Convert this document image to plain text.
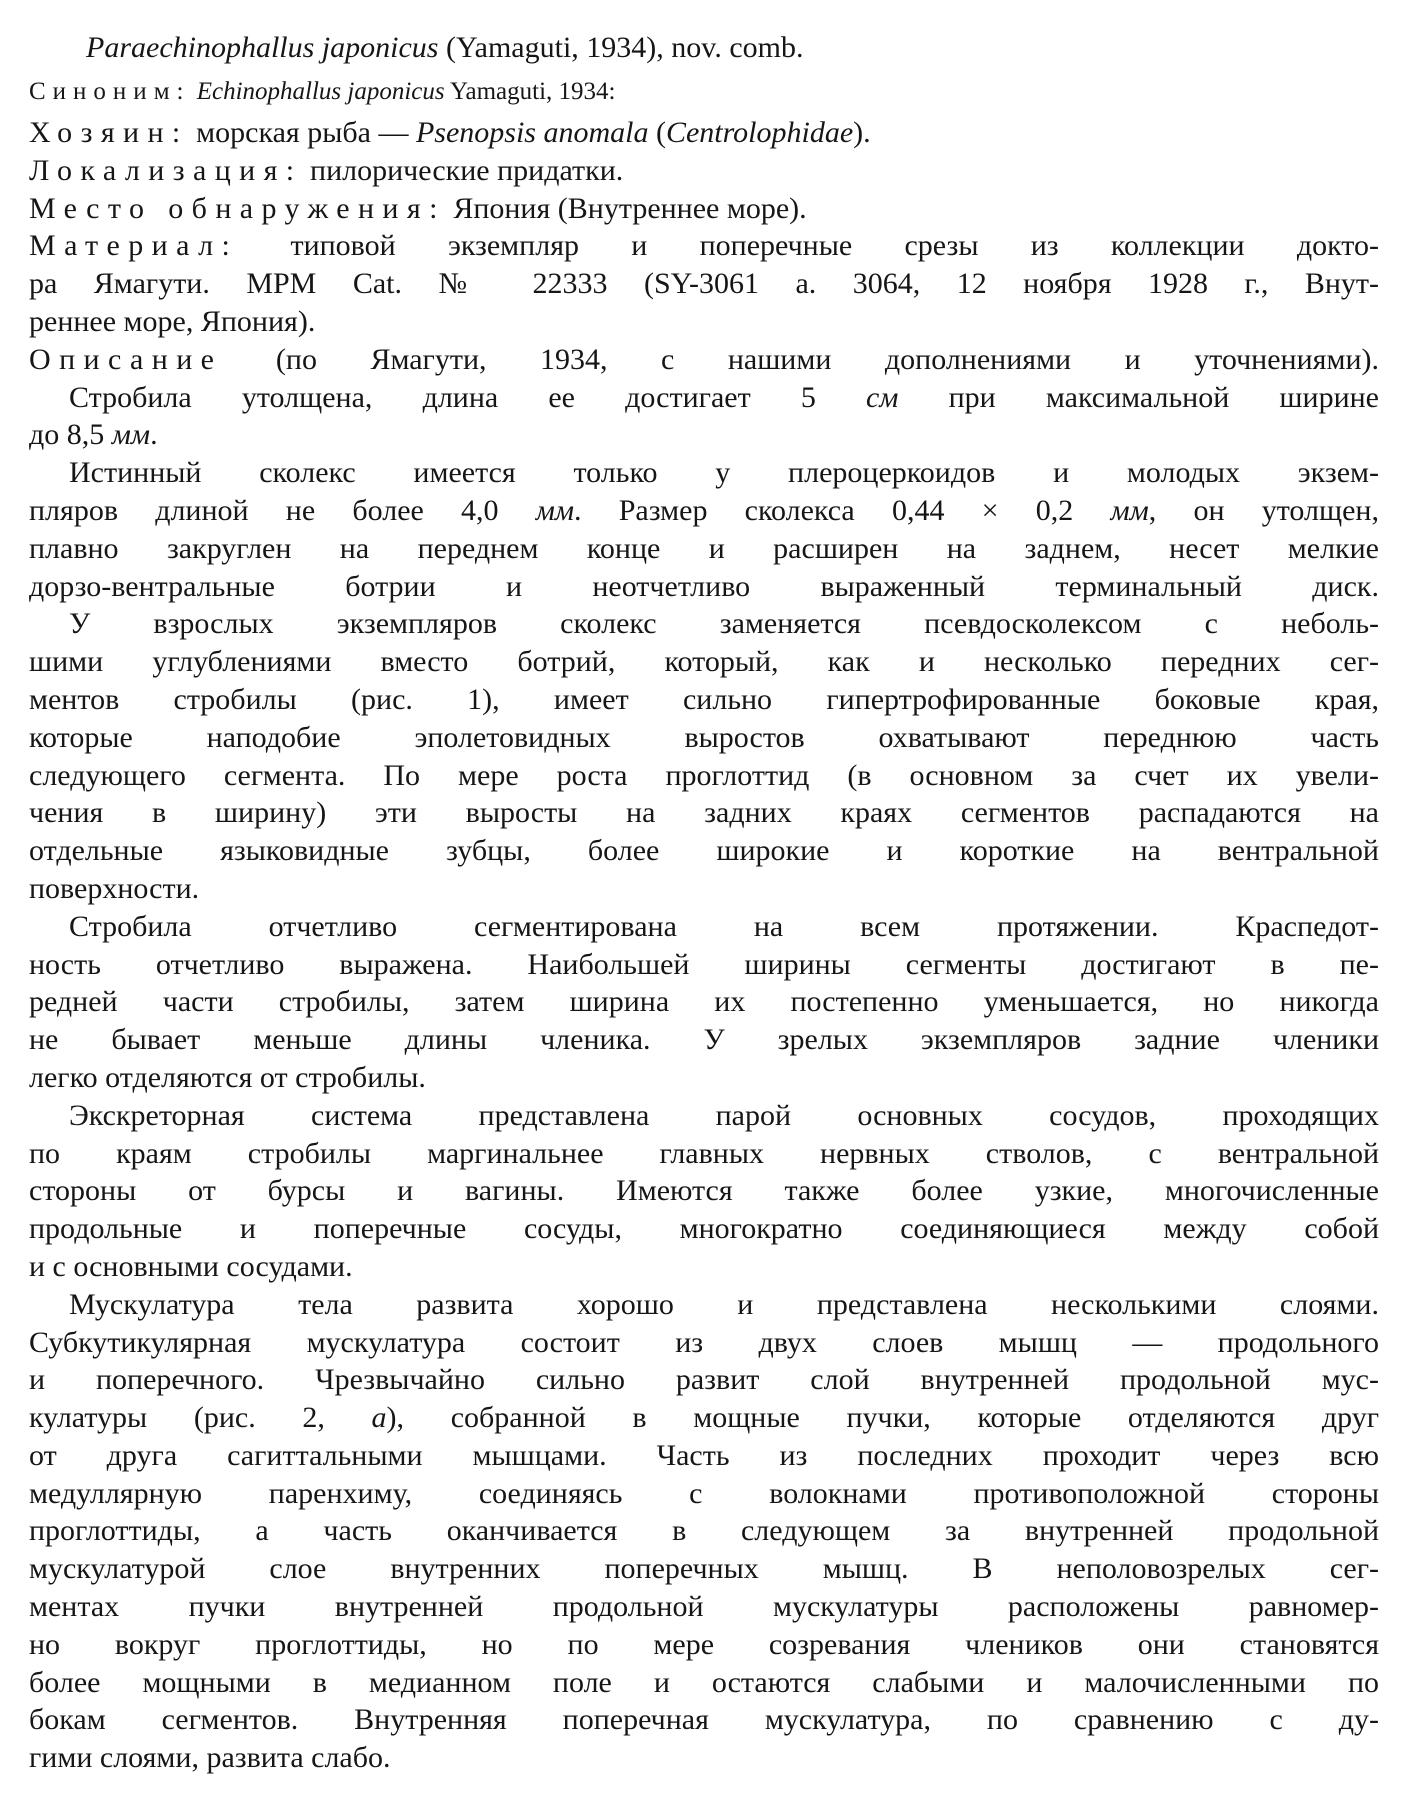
Paraechinophallus japonicus (Yamaguti, 1934), nov. comb.
Синоним: Echinophallus japonicus Yamaguti, 1934:
Хозяин: морская рыба — Psenopsis anomala (Centrolophidae).
Локализация: пилорические придатки.
Место обнаружения: Япония (Внутреннее море).
Материал: типовой экземпляр и поперечные срезы из коллекции докто-
ра Ямагути. MPM Cat. № 22333 (SY-3061 a. 3064, 12 ноября 1928 г., Внут-
реннее море, Япония).
Описание (по Ямагути, 1934, с нашими дополнениями и уточнениями).
Стробила утолщена, длина ее достигает 5 см при максимальной ширине
до 8,5 мм.
Истинный сколекс имеется только у плероцеркоидов и молодых экзем-
пляров длиной не более 4,0 мм. Размер сколекса 0,44 × 0,2 мм, он утолщен,
плавно закруглен на переднем конце и расширен на заднем, несет мелкие
дорзо-вентральные ботрии и неотчетливо выраженный терминальный диск.
У взрослых экземпляров сколекс заменяется псевдосколексом с неболь-
шими углублениями вместо ботрий, который, как и несколько передних сег-
ментов стробилы (рис. 1), имеет сильно гипертрофированные боковые края,
которые наподобие эполетовидных выростов охватывают переднюю часть
следующего сегмента. По мере роста проглоттид (в основном за счет их увели-
чения в ширину) эти выросты на задних краях сегментов распадаются на
отдельные языковидные зубцы, более широкие и короткие на вентральной
поверхности.
Стробила отчетливо сегментирована на всем протяжении. Краспедот-
ность отчетливо выражена. Наибольшей ширины сегменты достигают в пе-
редней части стробилы, затем ширина их постепенно уменьшается, но никогда
не бывает меньше длины членика. У зрелых экземпляров задние членики
легко отделяются от стробилы.
Экскреторная система представлена парой основных сосудов, проходящих
по краям стробилы маргинальнее главных нервных стволов, с вентральной
стороны от бурсы и вагины. Имеются также более узкие, многочисленные
продольные и поперечные сосуды, многократно соединяющиеся между собой
и с основными сосудами.
Мускулатура тела развита хорошо и представлена несколькими слоями.
Субкутикулярная мускулатура состоит из двух слоев мышц — продольного
и поперечного. Чрезвычайно сильно развит слой внутренней продольной мус-
кулатуры (рис. 2, а), собранной в мощные пучки, которые отделяются друг
от друга сагиттальными мышцами. Часть из последних проходит через всю
медуллярную паренхиму, соединяясь с волокнами противоположной стороны
проглоттиды, а часть оканчивается в следующем за внутренней продольной
мускулатурой слое внутренних поперечных мышц. В неполовозрелых сег-
ментах пучки внутренней продольной мускулатуры расположены равномер-
но вокруг проглоттиды, но по мере созревания члеников они становятся
более мощными в медианном поле и остаются слабыми и малочисленными по
бокам сегментов. Внутренняя поперечная мускулатура, по сравнению с ду-
гими слоями, развита слабо.
